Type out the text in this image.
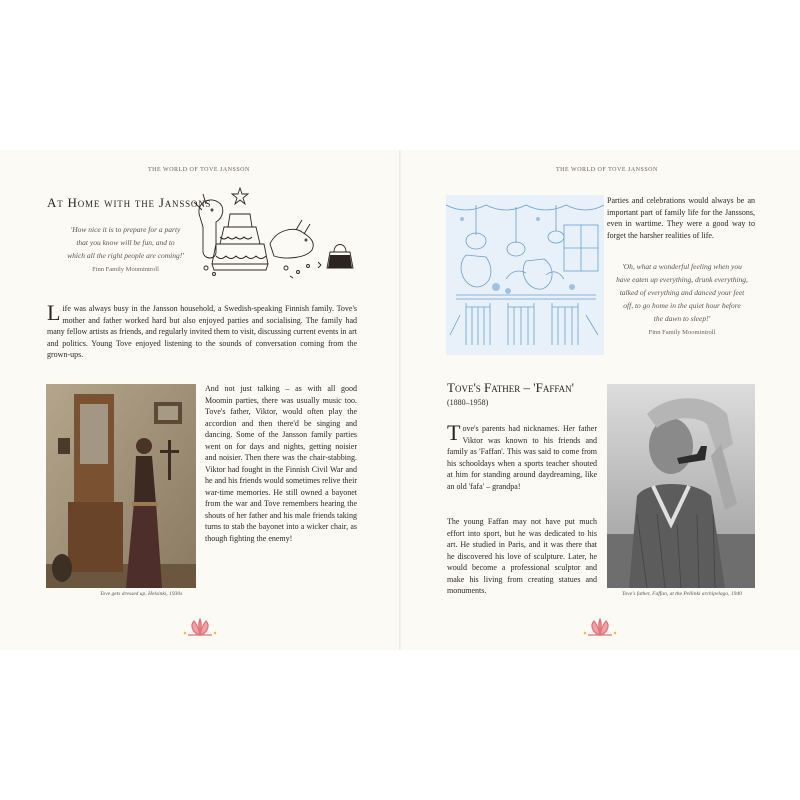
THE WORLD OF TOVE JANSSON
At Home with the Janssons
'How nice it is to prepare for a party
that you know will be fun, and to
which all the right people are coming!'
Finn Family Moomintroll
Life was always busy in the Jansson household, a Swedish-speaking Finnish family. Tove's mother and father worked hard but also enjoyed parties and socialising. The family had many fellow artists as friends, and regularly invited them to visit, discussing current events in art and politics. Young Tove enjoyed listening to the sounds of conversation coming from the grown-ups.
Tove gets dressed up, Helsinki, 1930s
And not just talking – as with all good Moomin parties, there was usually music too. Tove's father, Viktor, would often play the accordion and then there'd be singing and dancing. Some of the Jansson family parties went on for days and nights, getting noisier and noisier. Then there was the chair-stabbing. Viktor had fought in the Finnish Civil War and he and his friends would sometimes relive their war-time memories. He still owned a bayonet from the war and Tove remembers hearing the shouts of her father and his male friends taking turns to stab the bayonet into a wicker chair, as though fighting the enemy!
THE WORLD OF TOVE JANSSON
Parties and celebrations would always be an important part of family life for the Janssons, even in wartime. They were a good way to forget the harsher realities of life.
'Oh, what a wonderful feeling when you
have eaten up everything, drunk everything,
talked of everything and danced your feet
off, to go home in the quiet hour before
the dawn to sleep!'
Finn Family Moomintroll
Tove's Father – 'Faffan'
(1880–1958)
Tove's parents had nicknames. Her father Viktor was known to his friends and family as 'Faffan'. This was said to come from his schooldays when a sports teacher shouted at him for standing around daydreaming, like an old 'fafa' – grandpa!
The young Faffan may not have put much effort into sport, but he was dedicated to his art. He studied in Paris, and it was there that he discovered his love of sculpture. Later, he would become a professional sculptor and make his living from creating statues and monuments.	Tove's father, Faffan, at the Pellinki archipelago, 1940
